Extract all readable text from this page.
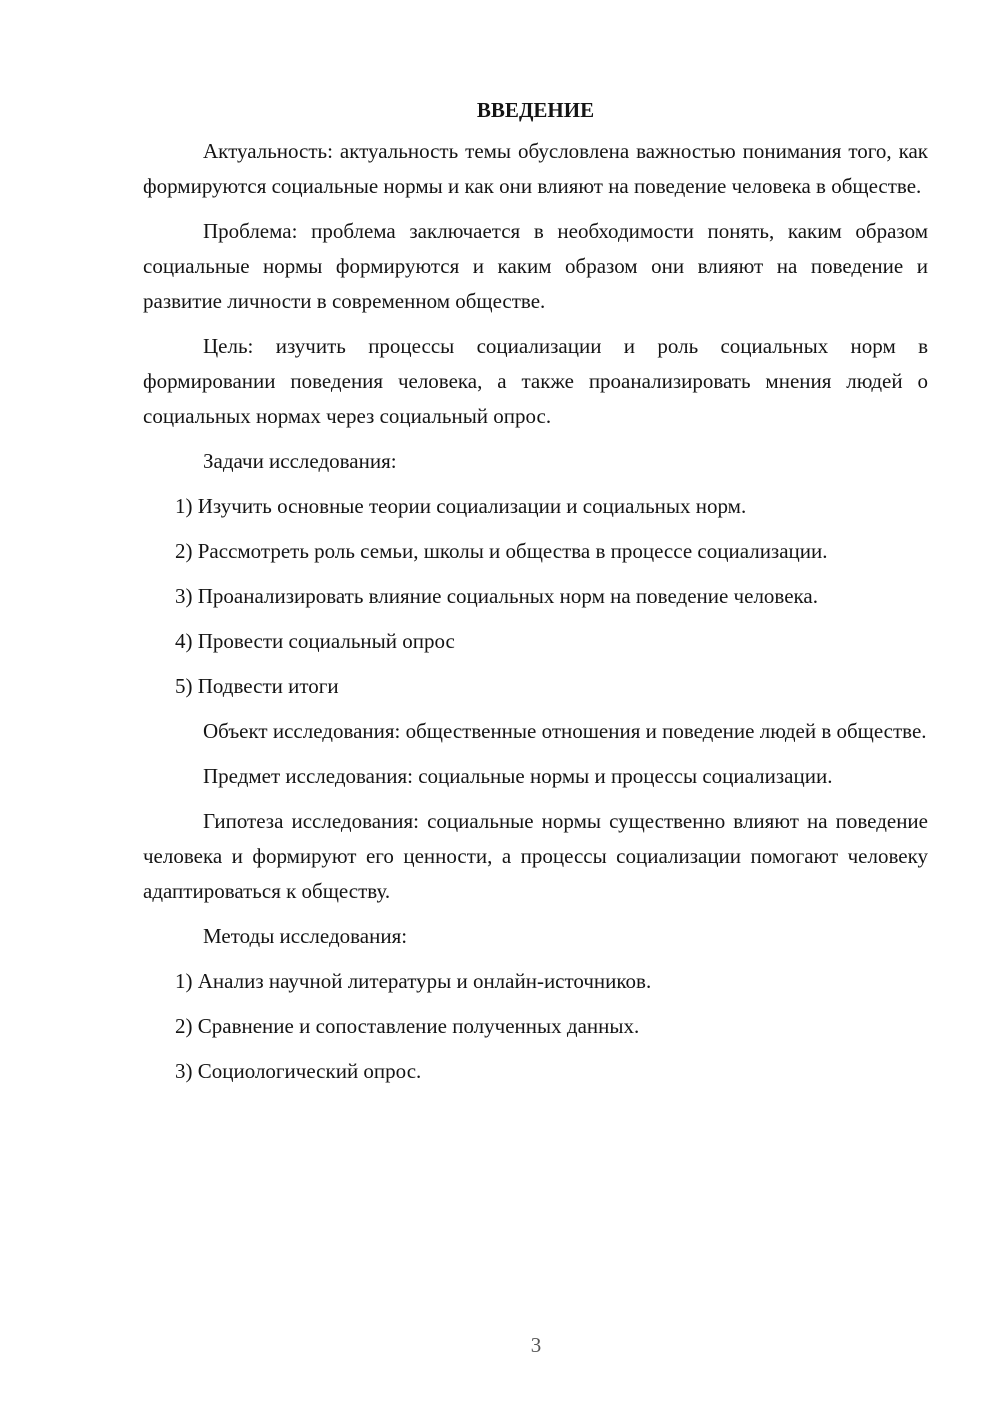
ВВЕДЕНИЕ

Актуальность: актуальность темы обусловлена важностью понимания того, как формируются социальные нормы и как они влияют на поведение человека в обществе.

Проблема: проблема заключается в необходимости понять, каким образом социальные нормы формируются и каким образом они влияют на поведение и развитие личности в современном обществе.

Цель: изучить процессы социализации и роль социальных норм в формировании поведения человека, а также проанализировать мнения людей о социальных нормах через социальный опрос.

Задачи исследования:

1) Изучить основные теории социализации и социальных норм.

2) Рассмотреть роль семьи, школы и общества в процессе социализации.

3) Проанализировать влияние социальных норм на поведение человека.

4) Провести социальный опрос

5) Подвести итоги

Объект исследования: общественные отношения и поведение людей в обществе.

Предмет исследования: социальные нормы и процессы социализации.

Гипотеза исследования: социальные нормы существенно влияют на поведение человека и формируют его ценности, а процессы социализации помогают человеку адаптироваться к обществу.

Методы исследования:

1) Анализ научной литературы и онлайн-источников.

2) Сравнение и сопоставление полученных данных.

3) Социологический опрос.

3
